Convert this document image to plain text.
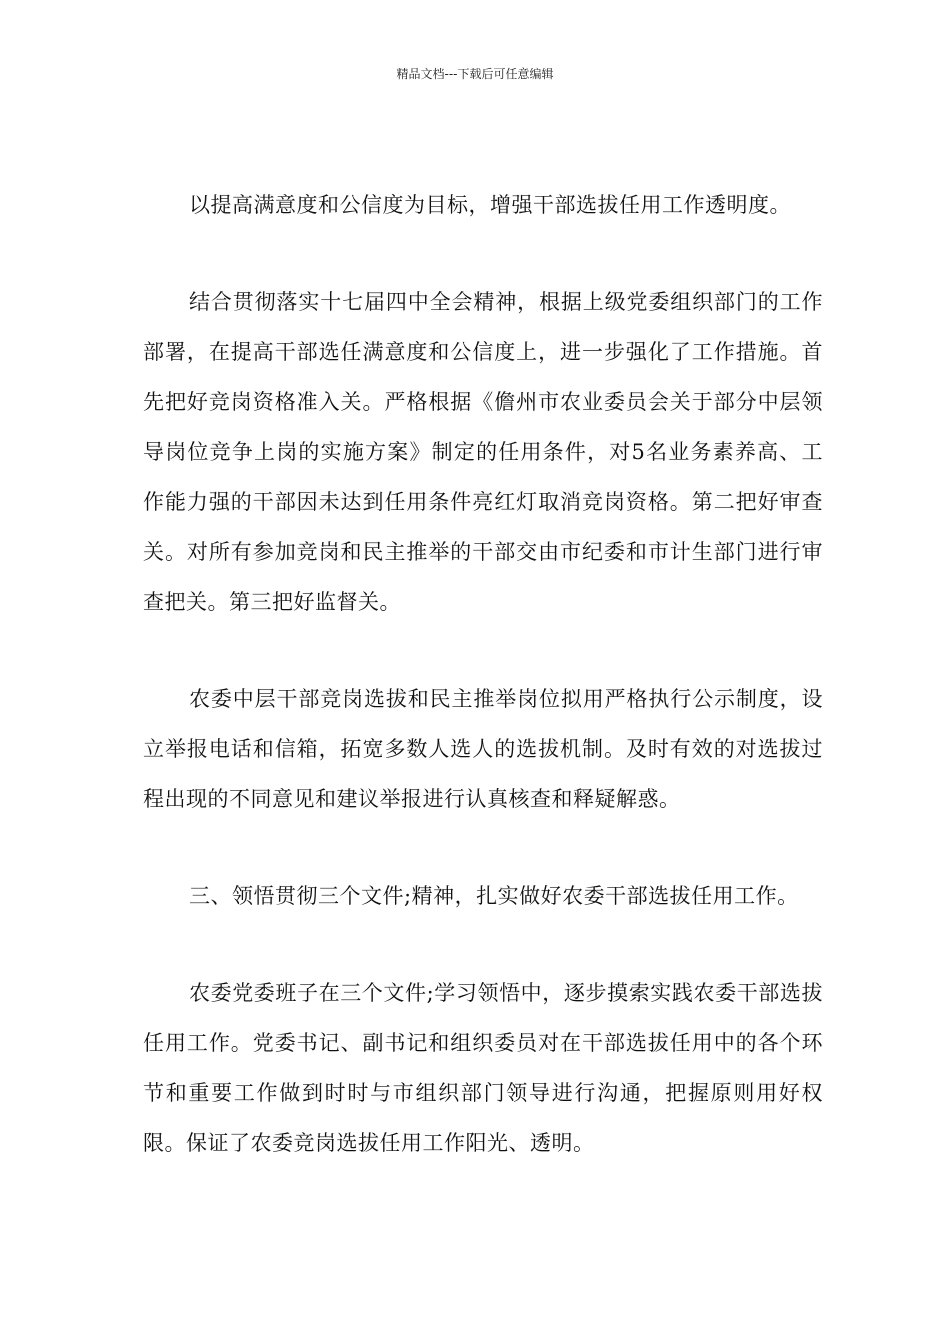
精品文档---下载后可任意编辑

以提高满意度和公信度为目标，增强干部选拔任用工作透明度。

结合贯彻落实十七届四中全会精神，根据上级党委组织部门的工作部署，在提高干部选任满意度和公信度上，进一步强化了工作措施。首先把好竞岗资格准入关。严格根据《儋州市农业委员会关于部分中层领导岗位竞争上岗的实施方案》制定的任用条件，对5名业务素养高、工作能力强的干部因未达到任用条件亮红灯取消竞岗资格。第二把好审查关。对所有参加竞岗和民主推举的干部交由市纪委和市计生部门进行审查把关。第三把好监督关。

农委中层干部竞岗选拔和民主推举岗位拟用严格执行公示制度，设立举报电话和信箱，拓宽多数人选人的选拔机制。及时有效的对选拔过程出现的不同意见和建议举报进行认真核查和释疑解惑。

三、领悟贯彻三个文件;精神，扎实做好农委干部选拔任用工作。

农委党委班子在三个文件;学习领悟中，逐步摸索实践农委干部选拔任用工作。党委书记、副书记和组织委员对在干部选拔任用中的各个环节和重要工作做到时时与市组织部门领导进行沟通，把握原则用好权限。保证了农委竞岗选拔任用工作阳光、透明。
